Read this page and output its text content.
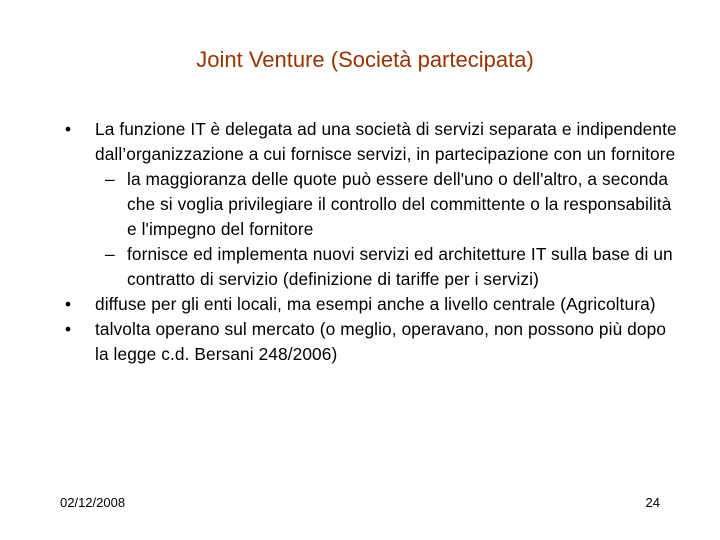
Joint Venture (Società partecipata)
•	La funzione IT è delegata ad una società di servizi separata e indipendente dall’organizzazione a cui fornisce servizi, in partecipazione con un fornitore
– la maggioranza delle quote può essere dell'uno o dell'altro, a seconda che si voglia privilegiare il controllo del committente o la responsabilità e l'impegno del fornitore
– fornisce ed implementa nuovi servizi ed architetture IT sulla base di un contratto di servizio (definizione di tariffe per i servizi)
•	diffuse per gli enti locali, ma esempi anche a livello centrale (Agricoltura)
•	talvolta operano sul mercato (o meglio, operavano, non possono più dopo la legge c.d. Bersani 248/2006)
02/12/2008	24
